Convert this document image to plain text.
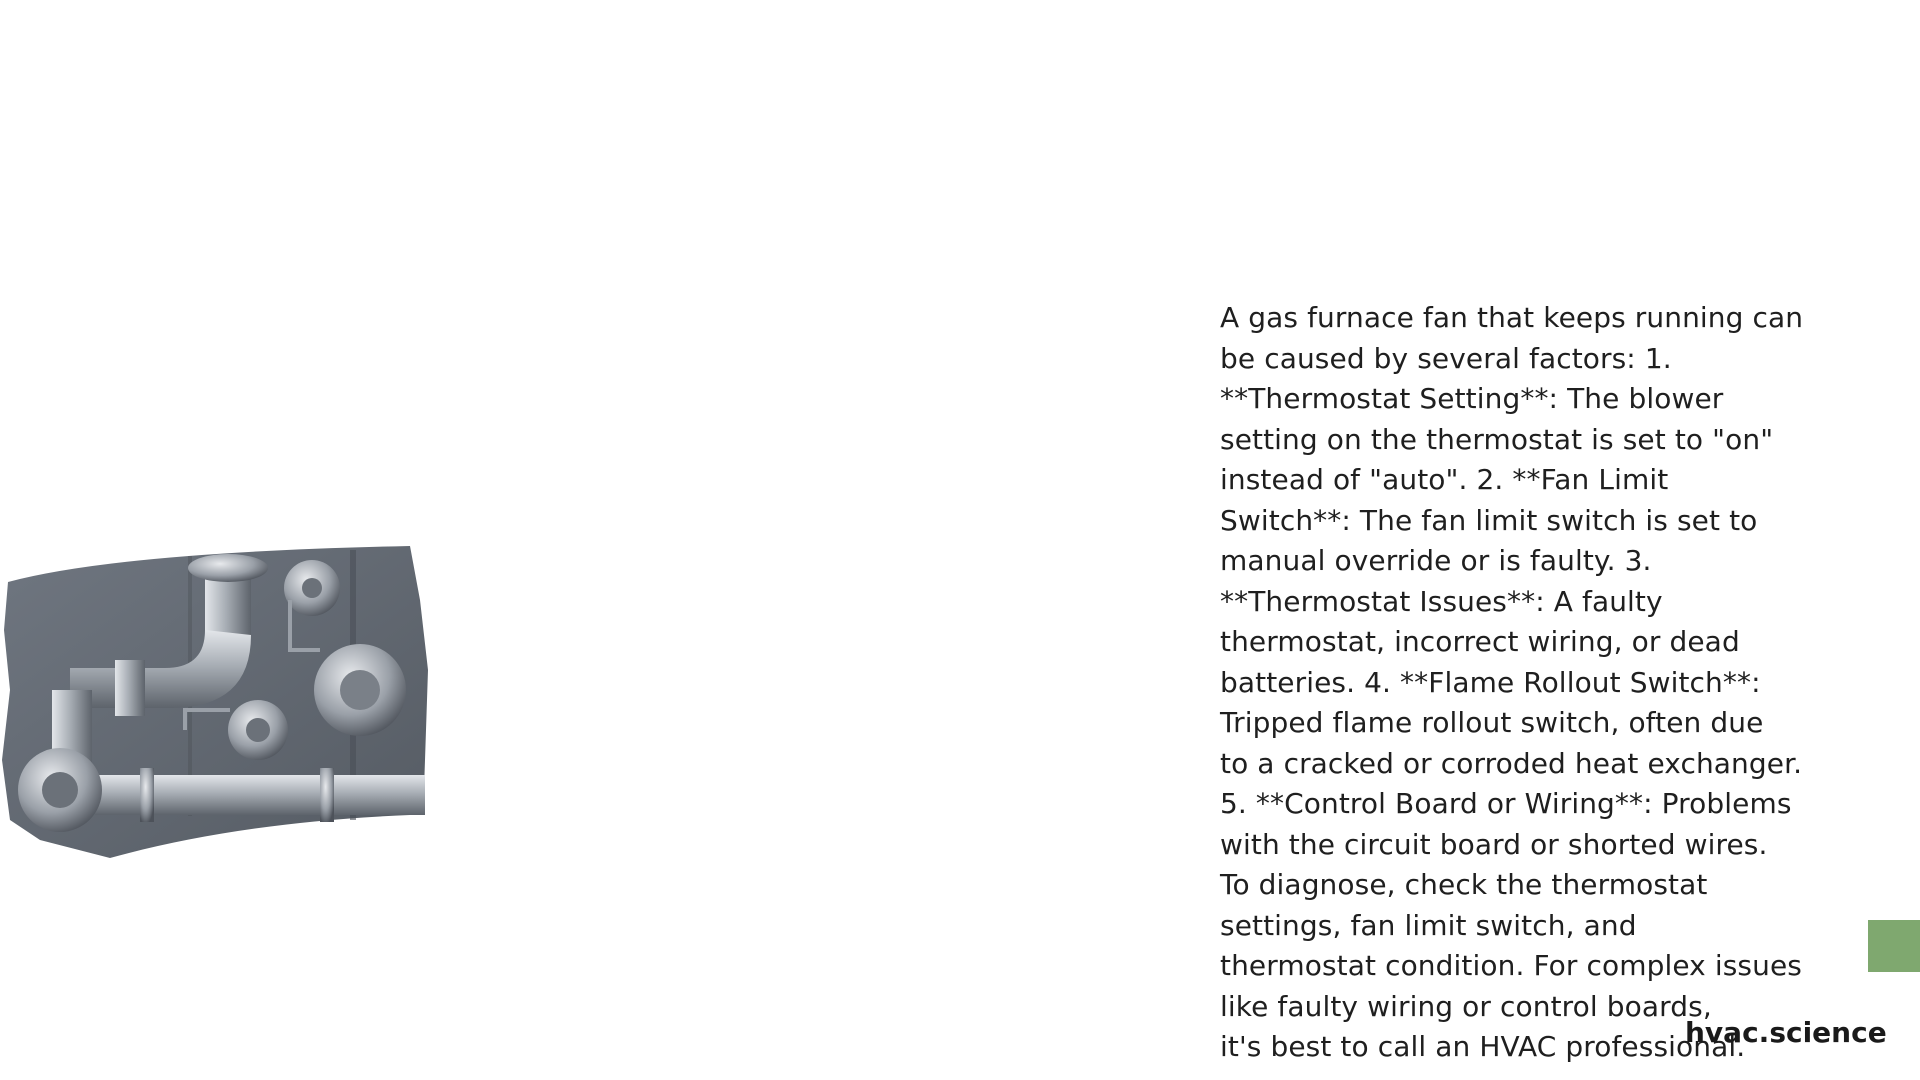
A gas furnace fan that keeps running can
be caused by several factors: 1.
**Thermostat Setting**: The blower
setting on the thermostat is set to "on"
instead of "auto". 2. **Fan Limit
Switch**: The fan limit switch is set to
manual override or is faulty. 3.
**Thermostat Issues**: A faulty
thermostat, incorrect wiring, or dead
batteries. 4. **Flame Rollout Switch**:
Tripped flame rollout switch, often due
to a cracked or corroded heat exchanger.
5. **Control Board or Wiring**: Problems
with the circuit board or shorted wires.
To diagnose, check the thermostat
settings, fan limit switch, and
thermostat condition. For complex issues
like faulty wiring or control boards,
it's best to call an HVAC professional.
hvac.science
